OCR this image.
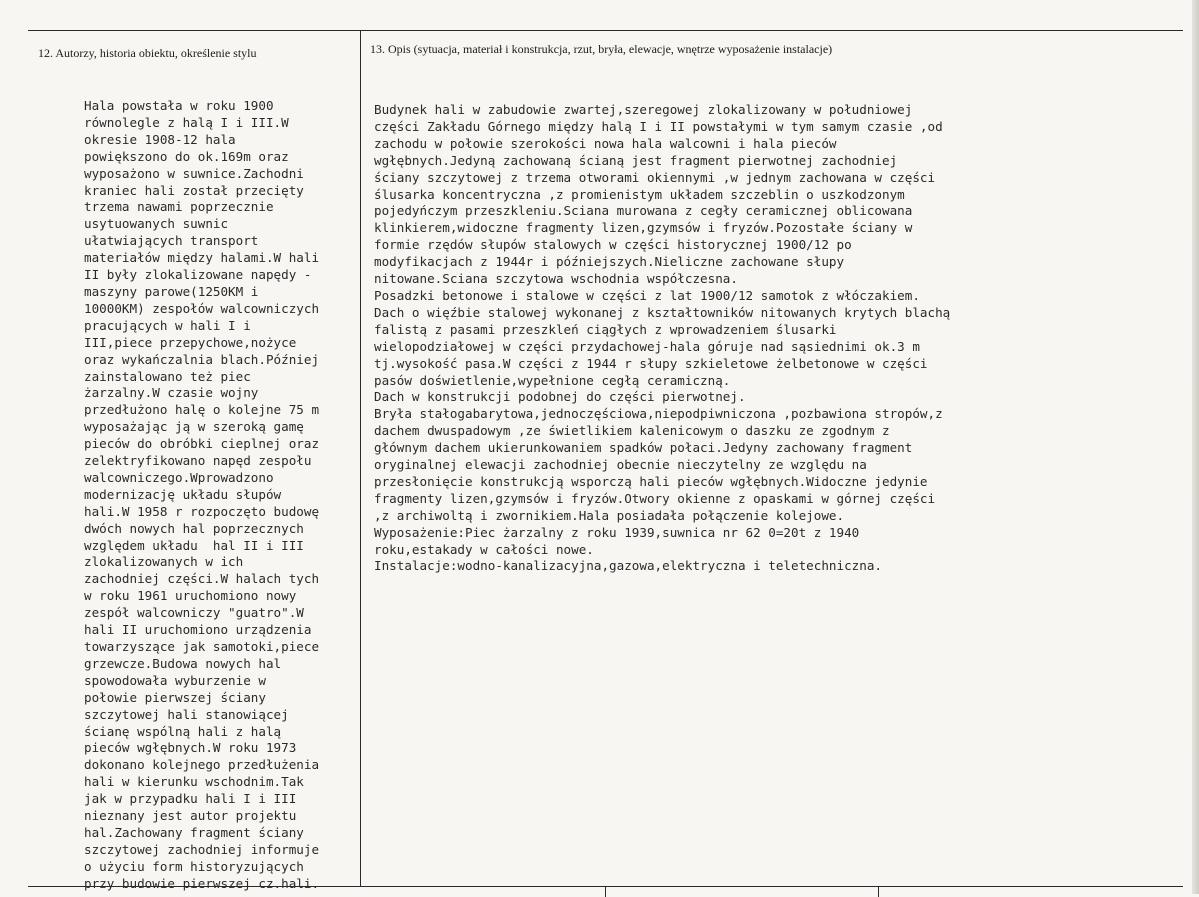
12. Autorzy, historia obiektu, określenie stylu	13. Opis (sytuacja, materiał i konstrukcja, rzut, bryła, elewacje, wnętrze wyposażenie instalacje)
Hala powstała w roku 1900
równolegle z halą I i III.W
okresie 1908-12 hala
powiększono do ok.169m oraz
wyposażono w suwnice.Zachodni
kraniec hali został przecięty
trzema nawami poprzecznie
usytuowanych suwnic
ułatwiających transport
materiałów między halami.W hali
II były zlokalizowane napędy -
maszyny parowe(1250KM i
10000KM) zespołów walcowniczych
pracujących w hali I i
III,piece przepychowe,nożyce
oraz wykańczalnia blach.Później
zainstalowano też piec
żarzalny.W czasie wojny
przedłużono halę o kolejne 75 m
wyposażając ją w szeroką gamę
pieców do obróbki cieplnej oraz
zelektryfikowano napęd zespołu
walcowniczego.Wprowadzono
modernizację układu słupów
hali.W 1958 r rozpoczęto budowę
dwóch nowych hal poprzecznych
względem układu  hal II i III
zlokalizowanych w ich
zachodniej części.W halach tych
w roku 1961 uruchomiono nowy
zespół walcowniczy "guatro".W
hali II uruchomiono urządzenia
towarzyszące jak samotoki,piece
grzewcze.Budowa nowych hal
spowodowała wyburzenie w
połowie pierwszej ściany
szczytowej hali stanowiącej
ścianę wspólną hali z halą
pieców wgłębnych.W roku 1973
dokonano kolejnego przedłużenia
hali w kierunku wschodnim.Tak
jak w przypadku hali I i III
nieznany jest autor projektu
hal.Zachowany fragment ściany
szczytowej zachodniej informuje
o użyciu form historyzujących
przy budowie pierwszej cz.hali.
Budynek hali w zabudowie zwartej,szeregowej zlokalizowany w południowej
części Zakładu Górnego między halą I i II powstałymi w tym samym czasie ,od
zachodu w połowie szerokości nowa hala walcowni i hala pieców
wgłębnych.Jedyną zachowaną ścianą jest fragment pierwotnej zachodniej
ściany szczytowej z trzema otworami okiennymi ,w jednym zachowana w części
ślusarka koncentryczna ,z promienistym układem szczeblin o uszkodzonym
pojedyńczym przeszkleniu.Sciana murowana z cegły ceramicznej oblicowana
klinkierem,widoczne fragmenty lizen,gzymsów i fryzów.Pozostałe ściany w
formie rzędów słupów stalowych w części historycznej 1900/12 po
modyfikacjach z 1944r i późniejszych.Nieliczne zachowane słupy
nitowane.Sciana szczytowa wschodnia współczesna.
Posadzki betonowe i stalowe w części z lat 1900/12 samotok z włóczakiem.
Dach o więźbie stalowej wykonanej z kształtowników nitowanych krytych blachą
falistą z pasami przeszkleń ciągłych z wprowadzeniem ślusarki
wielopodziałowej w części przydachowej-hala góruje nad sąsiednimi ok.3 m
tj.wysokość pasa.W części z 1944 r słupy szkieletowe żelbetonowe w części
pasów doświetlenie,wypełnione cegłą ceramiczną.
Dach w konstrukcji podobnej do części pierwotnej.
Bryła stałogabarytowa,jednoczęściowa,niepodpiwniczona ,pozbawiona stropów,z
dachem dwuspadowym ,ze świetlikiem kalenicowym o daszku ze zgodnym z
głównym dachem ukierunkowaniem spadków połaci.Jedyny zachowany fragment
oryginalnej elewacji zachodniej obecnie nieczytelny ze względu na
przesłonięcie konstrukcją wsporczą hali pieców wgłębnych.Widoczne jedynie
fragmenty lizen,gzymsów i fryzów.Otwory okienne z opaskami w górnej części
,z archiwoltą i zwornikiem.Hala posiadała połączenie kolejowe.
Wyposażenie:Piec żarzalny z roku 1939,suwnica nr 62 0=20t z 1940
roku,estakady w całości nowe.
Instalacje:wodno-kanalizacyjna,gazowa,elektryczna i teletechniczna.
